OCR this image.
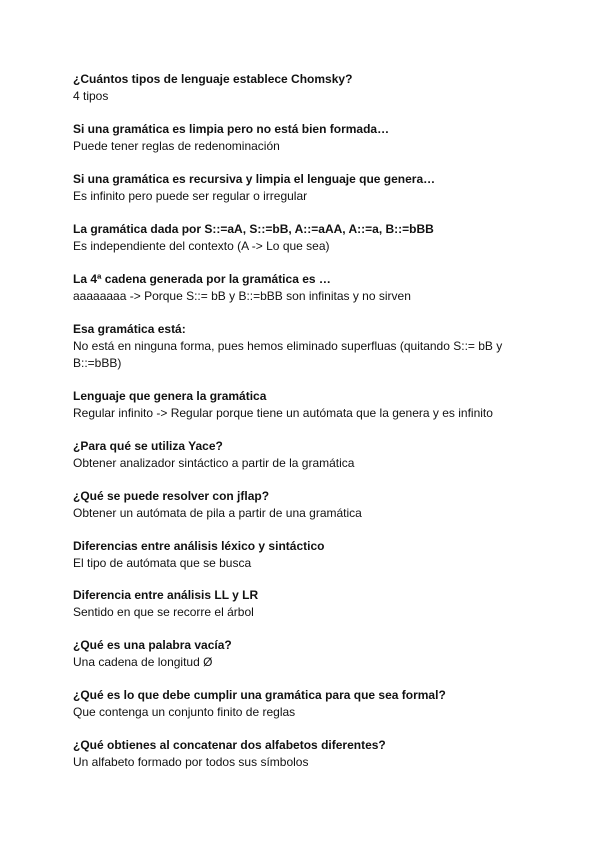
¿Cuántos tipos de lenguaje establece Chomsky?
4 tipos
Si una gramática es limpia pero no está bien formada…
Puede tener reglas de redenominación
Si una gramática es recursiva y limpia el lenguaje que genera…
Es infinito pero puede ser regular o irregular
La gramática dada por S::=aA, S::=bB, A::=aAA, A::=a, B::=bBB
Es independiente del contexto (A -> Lo que sea)
La 4ª cadena generada por la gramática es …
aaaaaaaa -> Porque S::= bB y B::=bBB son infinitas y no sirven
Esa gramática está:
No está en ninguna forma, pues hemos eliminado superfluas (quitando S::= bB y
B::=bBB)
Lenguaje que genera la gramática
Regular infinito -> Regular porque tiene un autómata que la genera y es infinito
¿Para qué se utiliza Yace?
Obtener analizador sintáctico a partir de la gramática
¿Qué se puede resolver con jflap?
Obtener un autómata de pila a partir de una gramática
Diferencias entre análisis léxico y sintáctico
El tipo de autómata que se busca
Diferencia entre análisis LL y LR
Sentido en que se recorre el árbol
¿Qué es una palabra vacía?
Una cadena de longitud Ø
¿Qué es lo que debe cumplir una gramática para que sea formal?
Que contenga un conjunto finito de reglas
¿Qué obtienes al concatenar dos alfabetos diferentes?
Un alfabeto formado por todos sus símbolos
